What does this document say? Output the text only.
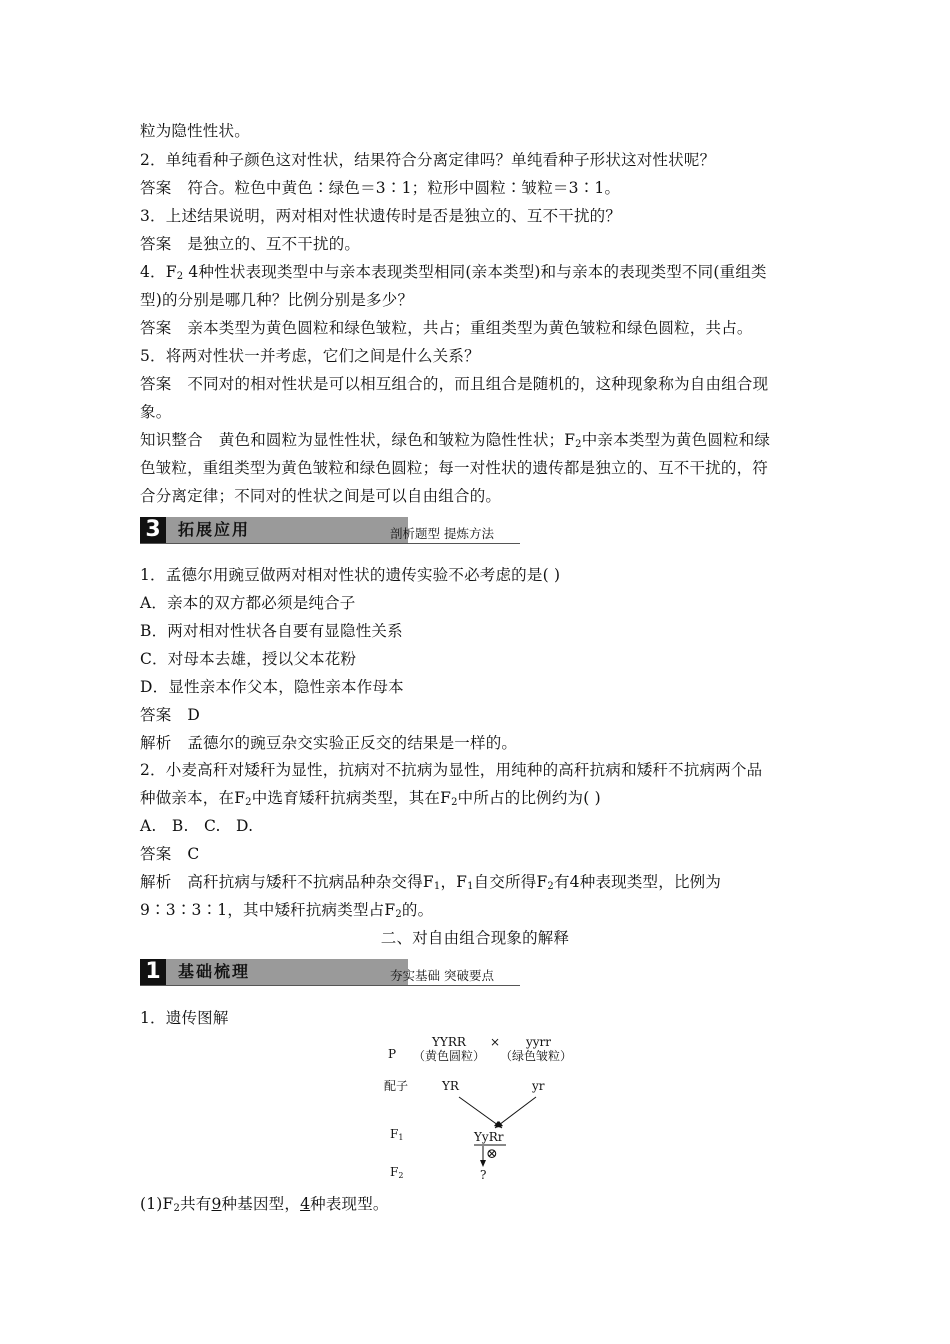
粒为隐性性状。
2．单纯看种子颜色这对性状，结果符合分离定律吗？单纯看种子形状这对性状呢？
答案 符合。粒色中黄色∶绿色＝3∶1；粒形中圆粒∶皱粒＝3∶1。
3．上述结果说明，两对相对性状遗传时是否是独立的、互不干扰的？
答案 是独立的、互不干扰的。
4．$F_2$ 4种性状表现类型中与亲本表现类型相同(亲本类型)和与亲本的表现类型不同(重组类
型)的分别是哪几种？比例分别是多少？
答案 亲本类型为黄色圆粒和绿色皱粒，共占；重组类型为黄色皱粒和绿色圆粒，共占。
5．将两对性状一并考虑，它们之间是什么关系？
答案 不同对的相对性状是可以相互组合的，而且组合是随机的，这种现象称为自由组合现
象。
知识整合 黄色和圆粒为显性性状，绿色和皱粒为隐性性状；$F_2$中亲本类型为黄色圆粒和绿
色皱粒，重组类型为黄色皱粒和绿色圆粒；每一对性状的遗传都是独立的、互不干扰的，符
合分离定律；不同对的性状之间是可以自由组合的。
3	拓展应用	剖析题型 提炼方法
1．孟德尔用豌豆做两对相对性状的遗传实验不必考虑的是( )
A．亲本的双方都必须是纯合子
B．两对相对性状各自要有显隐性关系
C．对母本去雄，授以父本花粉
D．显性亲本作父本，隐性亲本作母本
答案 D
解析 孟德尔的豌豆杂交实验正反交的结果是一样的。
2．小麦高秆对矮秆为显性，抗病对不抗病为显性，用纯种的高秆抗病和矮秆不抗病两个品
种做亲本，在$F_2$中选育矮秆抗病类型，其在$F_2$中所占的比例约为( )
A.   B.   C.   D.
答案 C
解析 高秆抗病与矮秆不抗病品种杂交得$F_1$，$F_1$自交所得$F_2$有4种表现类型，比例为
9∶3∶3∶1，其中矮秆抗病类型占$F_2$的。
二、对自由组合现象的解释
1	基础梳理	夯实基础 突破要点
1．遗传图解
P
YYRR × yyrr
（黄色圆粒） （绿色皱粒）
配子	YR	yr
F1	YyRr
⊗
F2	?
$(1)F_2$共有9种基因型，4种表现型。
